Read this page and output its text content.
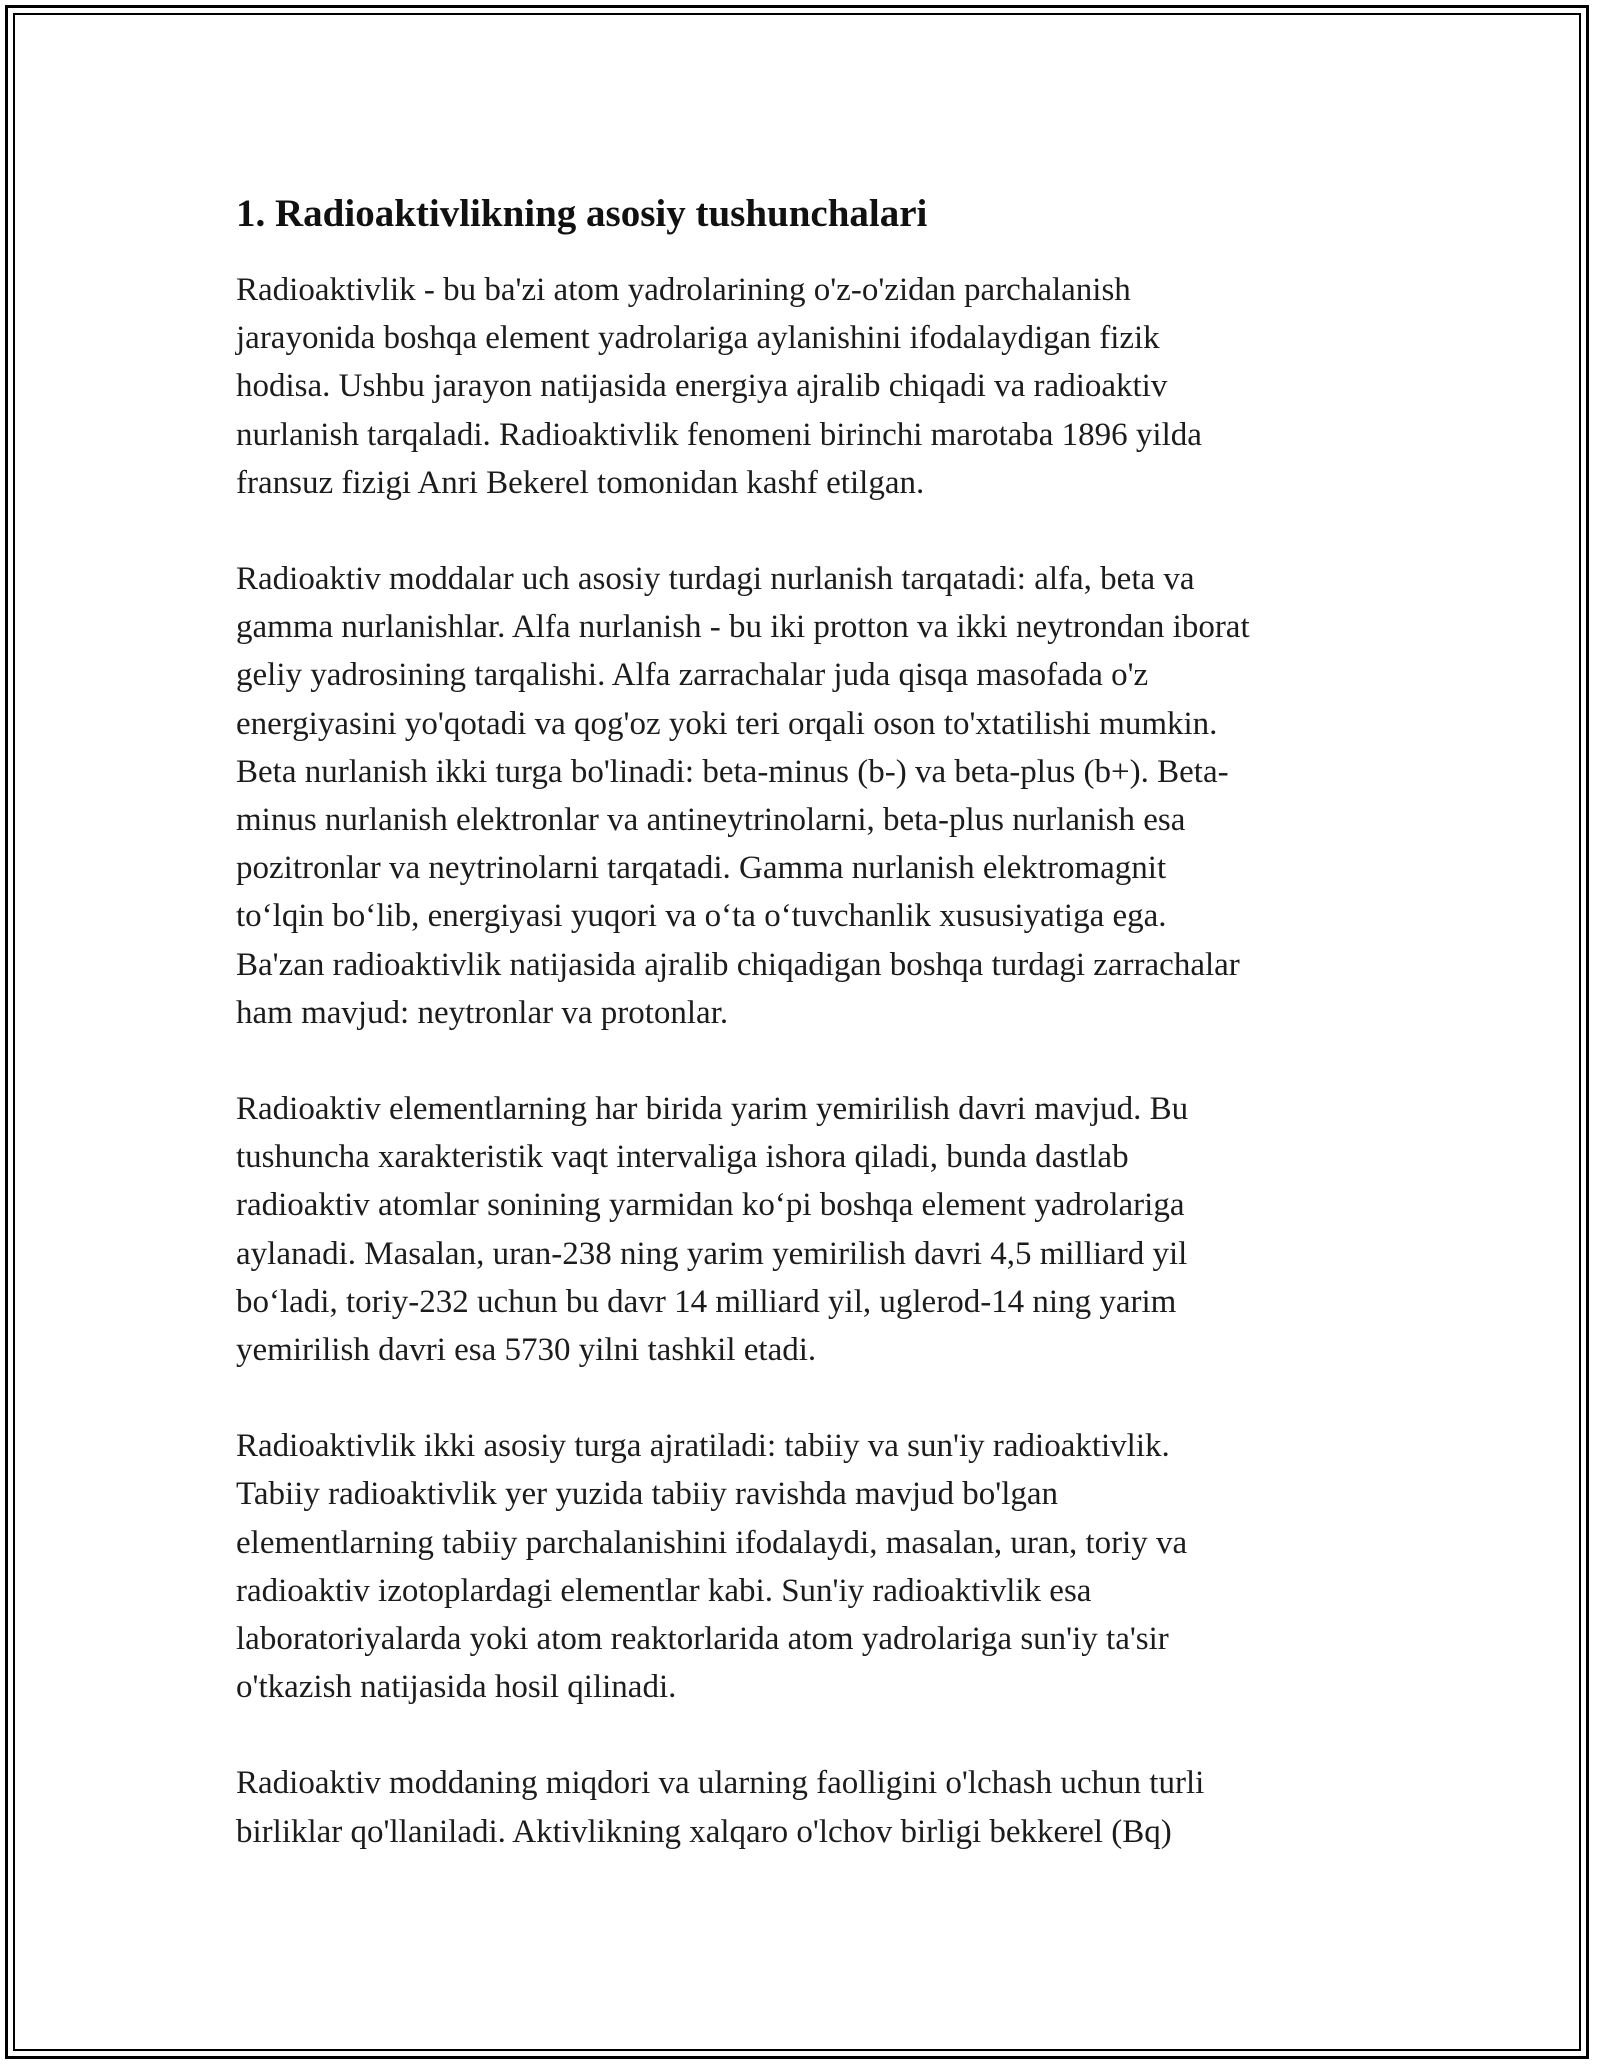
1. Radioaktivlikning asosiy tushunchalari

Radioaktivlik - bu ba'zi atom yadrolarining o'z-o'zidan parchalanish
jarayonida boshqa element yadrolariga aylanishini ifodalaydigan fizik
hodisa. Ushbu jarayon natijasida energiya ajralib chiqadi va radioaktiv
nurlanish tarqaladi. Radioaktivlik fenomeni birinchi marotaba 1896 yilda
fransuz fizigi Anri Bekerel tomonidan kashf etilgan.

Radioaktiv moddalar uch asosiy turdagi nurlanish tarqatadi: alfa, beta va
gamma nurlanishlar. Alfa nurlanish - bu iki protton va ikki neytrondan iborat
geliy yadrosining tarqalishi. Alfa zarrachalar juda qisqa masofada o'z
energiyasini yo'qotadi va qog'oz yoki teri orqali oson to'xtatilishi mumkin.
Beta nurlanish ikki turga bo'linadi: beta-minus (b-) va beta-plus (b+). Beta-
minus nurlanish elektronlar va antineytrinolarni, beta-plus nurlanish esa
pozitronlar va neytrinolarni tarqatadi. Gamma nurlanish elektromagnit
to‘lqin bo‘lib, energiyasi yuqori va o‘ta o‘tuvchanlik xususiyatiga ega.
Ba'zan radioaktivlik natijasida ajralib chiqadigan boshqa turdagi zarrachalar
ham mavjud: neytronlar va protonlar.

Radioaktiv elementlarning har birida yarim yemirilish davri mavjud. Bu
tushuncha xarakteristik vaqt intervaliga ishora qiladi, bunda dastlab
radioaktiv atomlar sonining yarmidan ko‘pi boshqa element yadrolariga
aylanadi. Masalan, uran-238 ning yarim yemirilish davri 4,5 milliard yil
bo‘ladi, toriy-232 uchun bu davr 14 milliard yil, uglerod-14 ning yarim
yemirilish davri esa 5730 yilni tashkil etadi.

Radioaktivlik ikki asosiy turga ajratiladi: tabiiy va sun'iy radioaktivlik.
Tabiiy radioaktivlik yer yuzida tabiiy ravishda mavjud bo'lgan
elementlarning tabiiy parchalanishini ifodalaydi, masalan, uran, toriy va
radioaktiv izotoplardagi elementlar kabi. Sun'iy radioaktivlik esa
laboratoriyalarda yoki atom reaktorlarida atom yadrolariga sun'iy ta'sir
o'tkazish natijasida hosil qilinadi.

Radioaktiv moddaning miqdori va ularning faolligini o'lchash uchun turli
birliklar qo'llaniladi. Aktivlikning xalqaro o'lchov birligi bekkerel (Bq)
